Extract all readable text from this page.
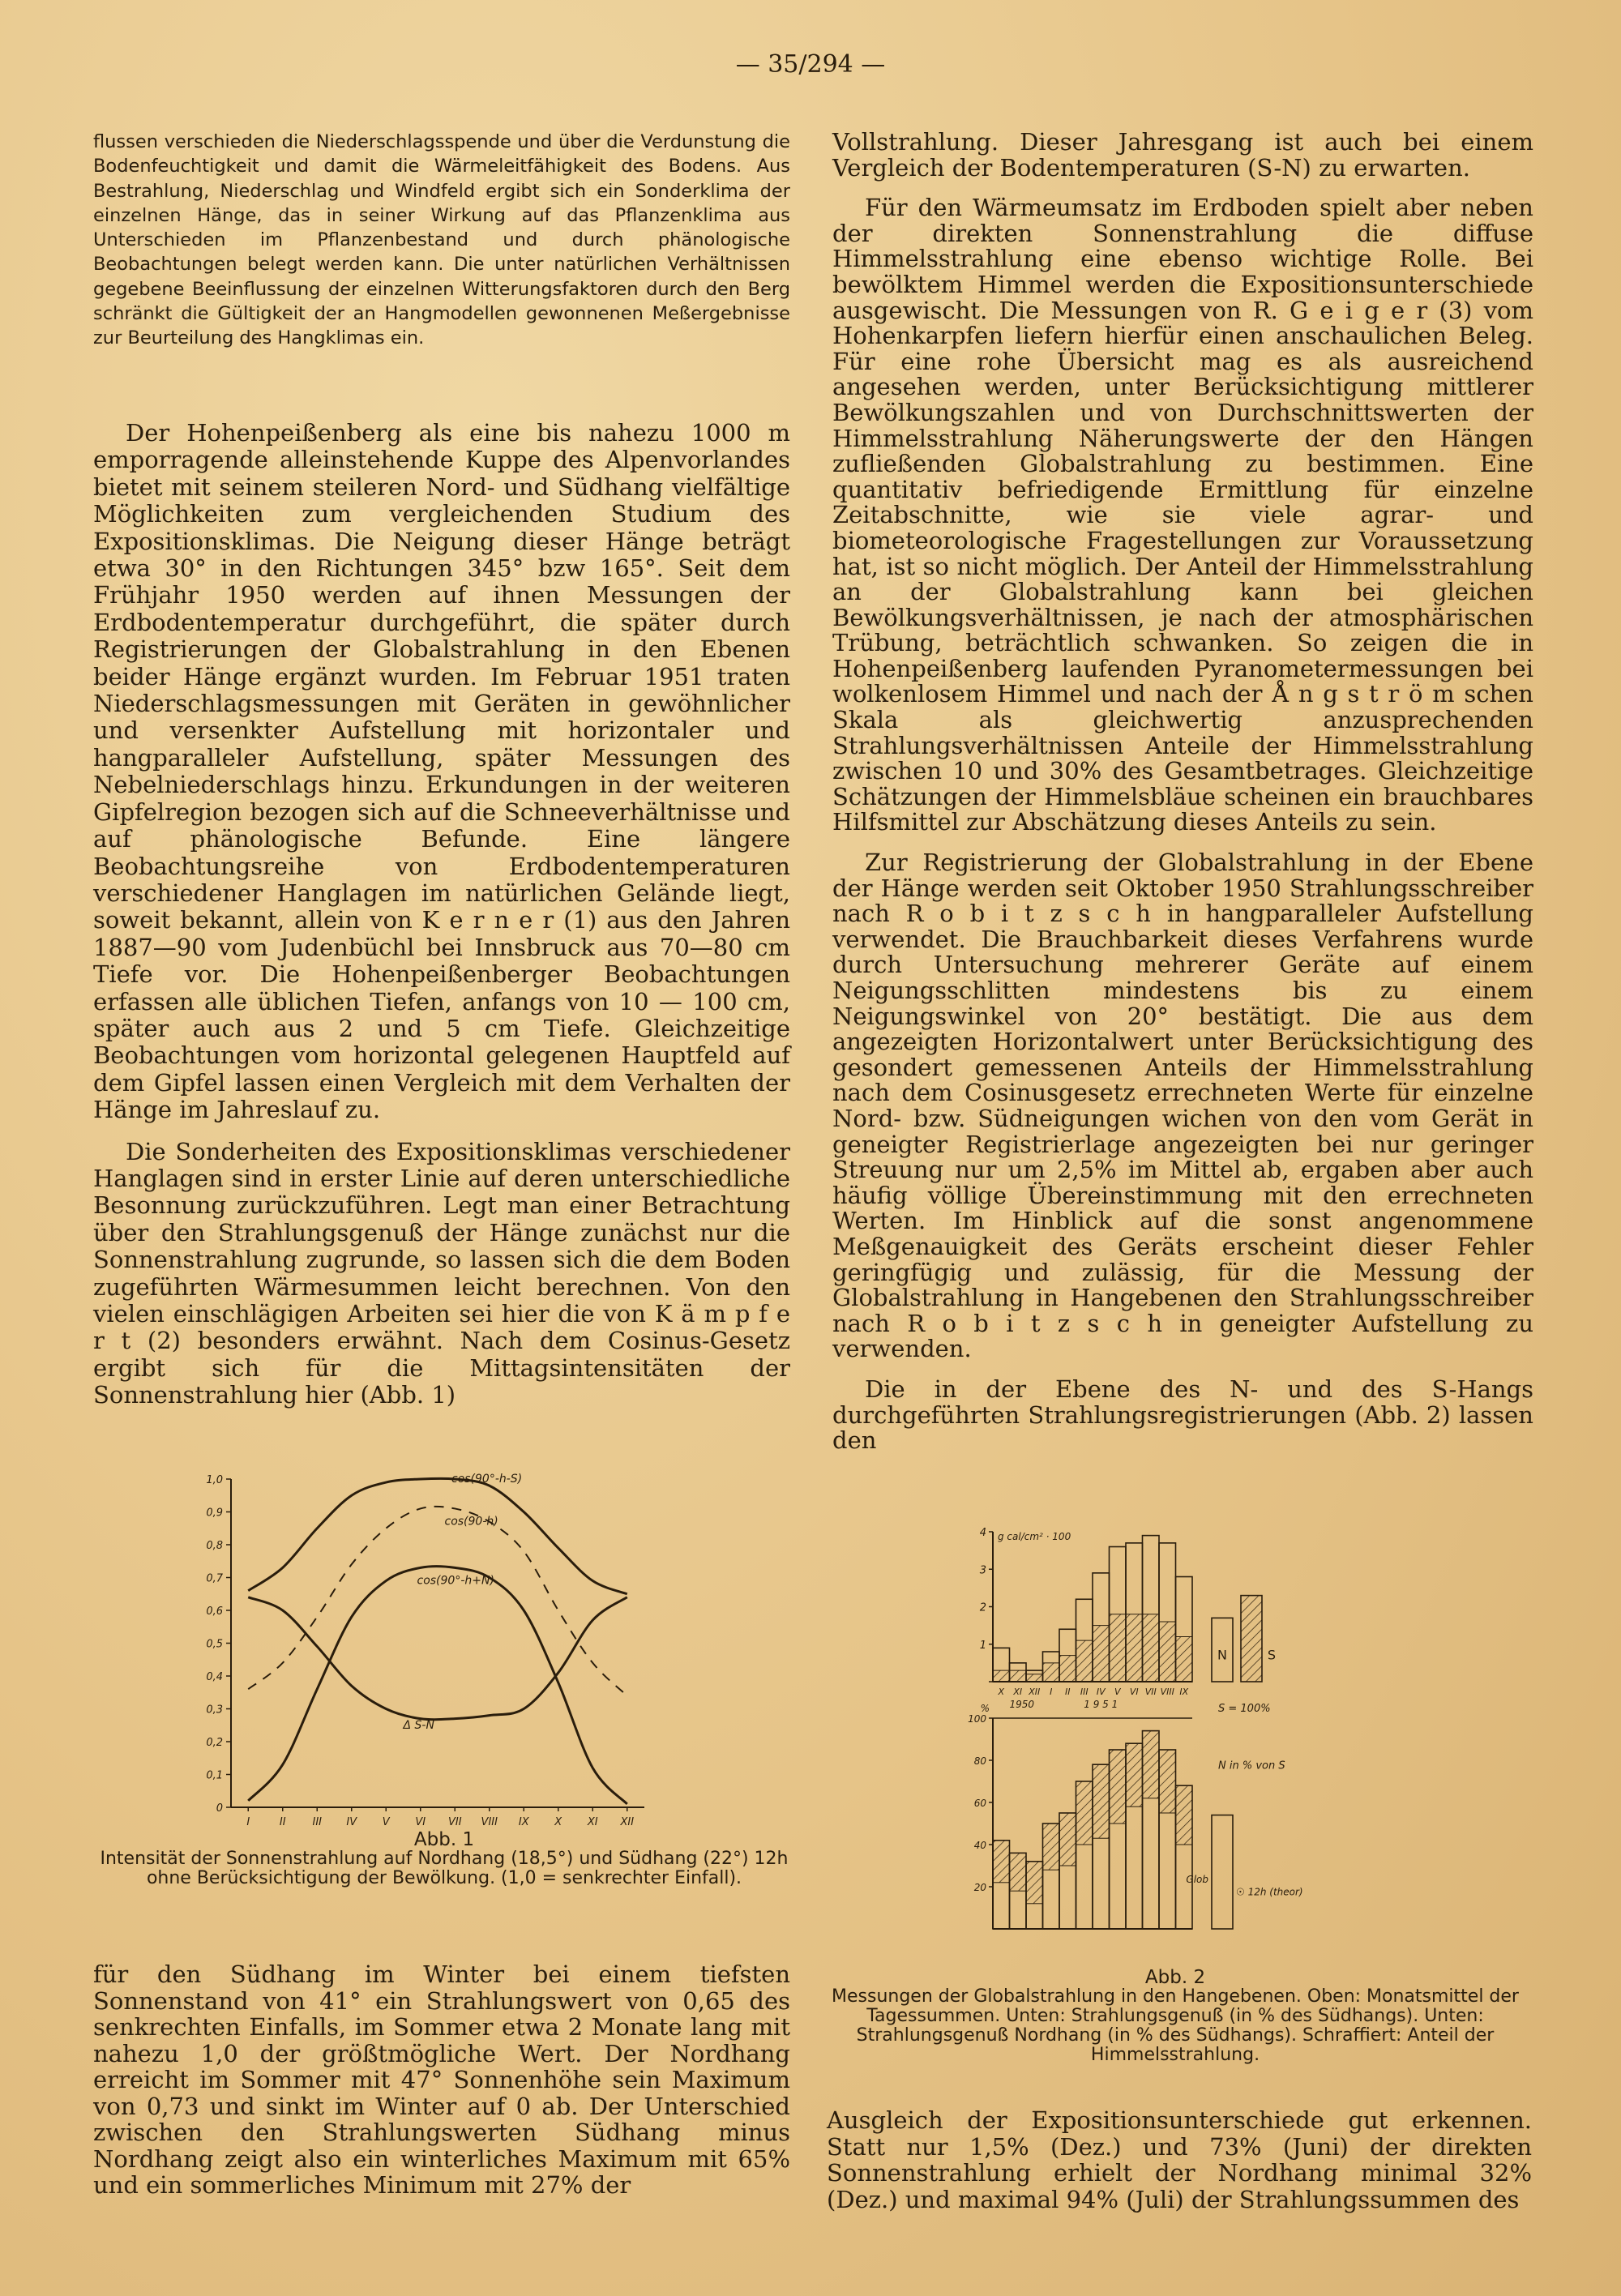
— 35/294 —

flussen verschieden die Niederschlagsspende und über die Verdunstung die Bodenfeuchtigkeit und damit die Wärmeleitfähigkeit des Bodens. Aus Bestrahlung, Niederschlag und Windfeld ergibt sich ein Sonderklima der einzelnen Hänge, das in seiner Wirkung auf das Pflanzenklima aus Unterschieden im Pflanzenbestand und durch phänologische Beobachtungen belegt werden kann. Die unter natürlichen Verhältnissen gegebene Beeinflussung der einzelnen Witterungsfaktoren durch den Berg schränkt die Gültigkeit der an Hangmodellen gewonnenen Meßergebnisse zur Beurteilung des Hangklimas ein.

Der Hohenpeißenberg als eine bis nahezu 1000 m emporragende alleinstehende Kuppe des Alpenvorlandes bietet mit seinem steileren Nord- und Südhang vielfältige Möglichkeiten zum vergleichenden Studium des Expositionsklimas. Die Neigung dieser Hänge beträgt etwa 30° in den Richtungen 345° bzw 165°. Seit dem Frühjahr 1950 werden auf ihnen Messungen der Erdbodentemperatur durchgeführt, die später durch Registrierungen der Globalstrahlung in den Ebenen beider Hänge ergänzt wurden. Im Februar 1951 traten Niederschlagsmessungen mit Geräten in gewöhnlicher und versenkter Aufstellung mit horizontaler und hangparalleler Aufstellung, später Messungen des Nebelniederschlags hinzu. Erkundungen in der weiteren Gipfelregion bezogen sich auf die Schneeverhältnisse und auf phänologische Befunde. Eine längere Beobachtungsreihe von Erdbodentemperaturen verschiedener Hanglagen im natürlichen Gelände liegt, soweit bekannt, allein von K e r n e r (1) aus den Jahren 1887—90 vom Judenbüchl bei Innsbruck aus 70—80 cm Tiefe vor. Die Hohenpeißenberger Beobachtungen erfassen alle üblichen Tiefen, anfangs von 10 — 100 cm, später auch aus 2 und 5 cm Tiefe. Gleichzeitige Beobachtungen vom horizontal gelegenen Hauptfeld auf dem Gipfel lassen einen Vergleich mit dem Verhalten der Hänge im Jahreslauf zu.

Die Sonderheiten des Expositionsklimas verschiedener Hanglagen sind in erster Linie auf deren unterschiedliche Besonnung zurückzuführen. Legt man einer Betrachtung über den Strahlungsgenuß der Hänge zunächst nur die Sonnenstrahlung zugrunde, so lassen sich die dem Boden zugeführten Wärmesummen leicht berechnen. Von den vielen einschlägigen Arbeiten sei hier die von K ä m p f e r t (2) besonders erwähnt. Nach dem Cosinus-Gesetz ergibt sich für die Mittagsintensitäten der Sonnenstrahlung hier (Abb. 1)

0
0,1
0,2
0,3
0,4
0,5
0,6
0,7
0,8
0,9
1,0
I	II	III IV V VI VII VIII IX X XI XII
cos(90°-h-S)
cos(90-h)
cos(90°-h+N)
Δ S-N
Abb. 1
Intensität der Sonnenstrahlung auf Nordhang (18,5°) und Südhang (22°) 12h ohne Berücksichtigung der Bewölkung. (1,0 = senkrechter Einfall).

für den Südhang im Winter bei einem tiefsten Sonnenstand von 41° ein Strahlungswert von 0,65 des senkrechten Einfalls, im Sommer etwa 2 Monate lang mit nahezu 1,0 der größtmögliche Wert. Der Nordhang erreicht im Sommer mit 47° Sonnenhöhe sein Maximum von 0,73 und sinkt im Winter auf 0 ab. Der Unterschied zwischen den Strahlungswerten Südhang minus Nordhang zeigt also ein winterliches Maximum mit 65% und ein sommerliches Minimum mit 27% der

Vollstrahlung. Dieser Jahresgang ist auch bei einem Vergleich der Bodentemperaturen (S-N) zu erwarten.

Für den Wärmeumsatz im Erdboden spielt aber neben der direkten Sonnenstrahlung die diffuse Himmelsstrahlung eine ebenso wichtige Rolle. Bei bewölktem Himmel werden die Expositionsunterschiede ausgewischt. Die Messungen von R. G e i g e r (3) vom Hohenkarpfen liefern hierfür einen anschaulichen Beleg. Für eine rohe Übersicht mag es als ausreichend angesehen werden, unter Berücksichtigung mittlerer Bewölkungszahlen und von Durchschnittswerten der Himmelsstrahlung Näherungswerte der den Hängen zufließenden Globalstrahlung zu bestimmen. Eine quantitativ befriedigende Ermittlung für einzelne Zeitabschnitte, wie sie viele agrar- und biometeorologische Fragestellungen zur Voraussetzung hat, ist so nicht möglich. Der Anteil der Himmelsstrahlung an der Globalstrahlung kann bei gleichen Bewölkungsverhältnissen, je nach der atmosphärischen Trübung, beträchtlich schwanken. So zeigen die in Hohenpeißenberg laufenden Pyranometermessungen bei wolkenlosem Himmel und nach der Å n g s t r ö m schen Skala als gleichwertig anzusprechenden Strahlungsverhältnissen Anteile der Himmelsstrahlung zwischen 10 und 30% des Gesamtbetrages. Gleichzeitige Schätzungen der Himmelsbläue scheinen ein brauchbares Hilfsmittel zur Abschätzung dieses Anteils zu sein.

Zur Registrierung der Globalstrahlung in der Ebene der Hänge werden seit Oktober 1950 Strahlungsschreiber nach R o b i t z s c h in hangparalleler Aufstellung verwendet. Die Brauchbarkeit dieses Verfahrens wurde durch Untersuchung mehrerer Geräte auf einem Neigungsschlitten mindestens bis zu einem Neigungswinkel von 20° bestätigt. Die aus dem angezeigten Horizontalwert unter Berücksichtigung des gesondert gemessenen Anteils der Himmelsstrahlung nach dem Cosinusgesetz errechneten Werte für einzelne Nord- bzw. Südneigungen wichen von den vom Gerät in geneigter Registrierlage angezeigten bei nur geringer Streuung nur um 2,5% im Mittel ab, ergaben aber auch häufig völlige Übereinstimmung mit den errechneten Werten. Im Hinblick auf die sonst angenommene Meßgenauigkeit des Geräts erscheint dieser Fehler geringfügig und zulässig, für die Messung der Globalstrahlung in Hangebenen den Strahlungsschreiber nach R o b i t z s c h in geneigter Aufstellung zu verwenden.

Die in der Ebene des N- und des S-Hangs durchgeführten Strahlungsregistrierungen (Abb. 2) lassen den

1
2
3
4 g cal/cm² · 100
X XI XII I II III IV V VI VII VIII IX
1950	1 9 5 1
N	S
%
20
40
60
80
100
S = 100%
N in % von S
Glob
☉ 12h (theor)
Abb. 2
Messungen der Globalstrahlung in den Hangebenen. Oben: Monatsmittel der Tagessummen. Unten: Strahlungsgenuß (in % des Südhangs). Unten: Strahlungsgenuß Nordhang (in % des Südhangs). Schraffiert: Anteil der Himmelsstrahlung.

Ausgleich der Expositionsunterschiede gut erkennen. Statt nur 1,5% (Dez.) und 73% (Juni) der direkten Sonnenstrahlung erhielt der Nordhang minimal 32% (Dez.) und maximal 94% (Juli) der Strahlungssummen des
